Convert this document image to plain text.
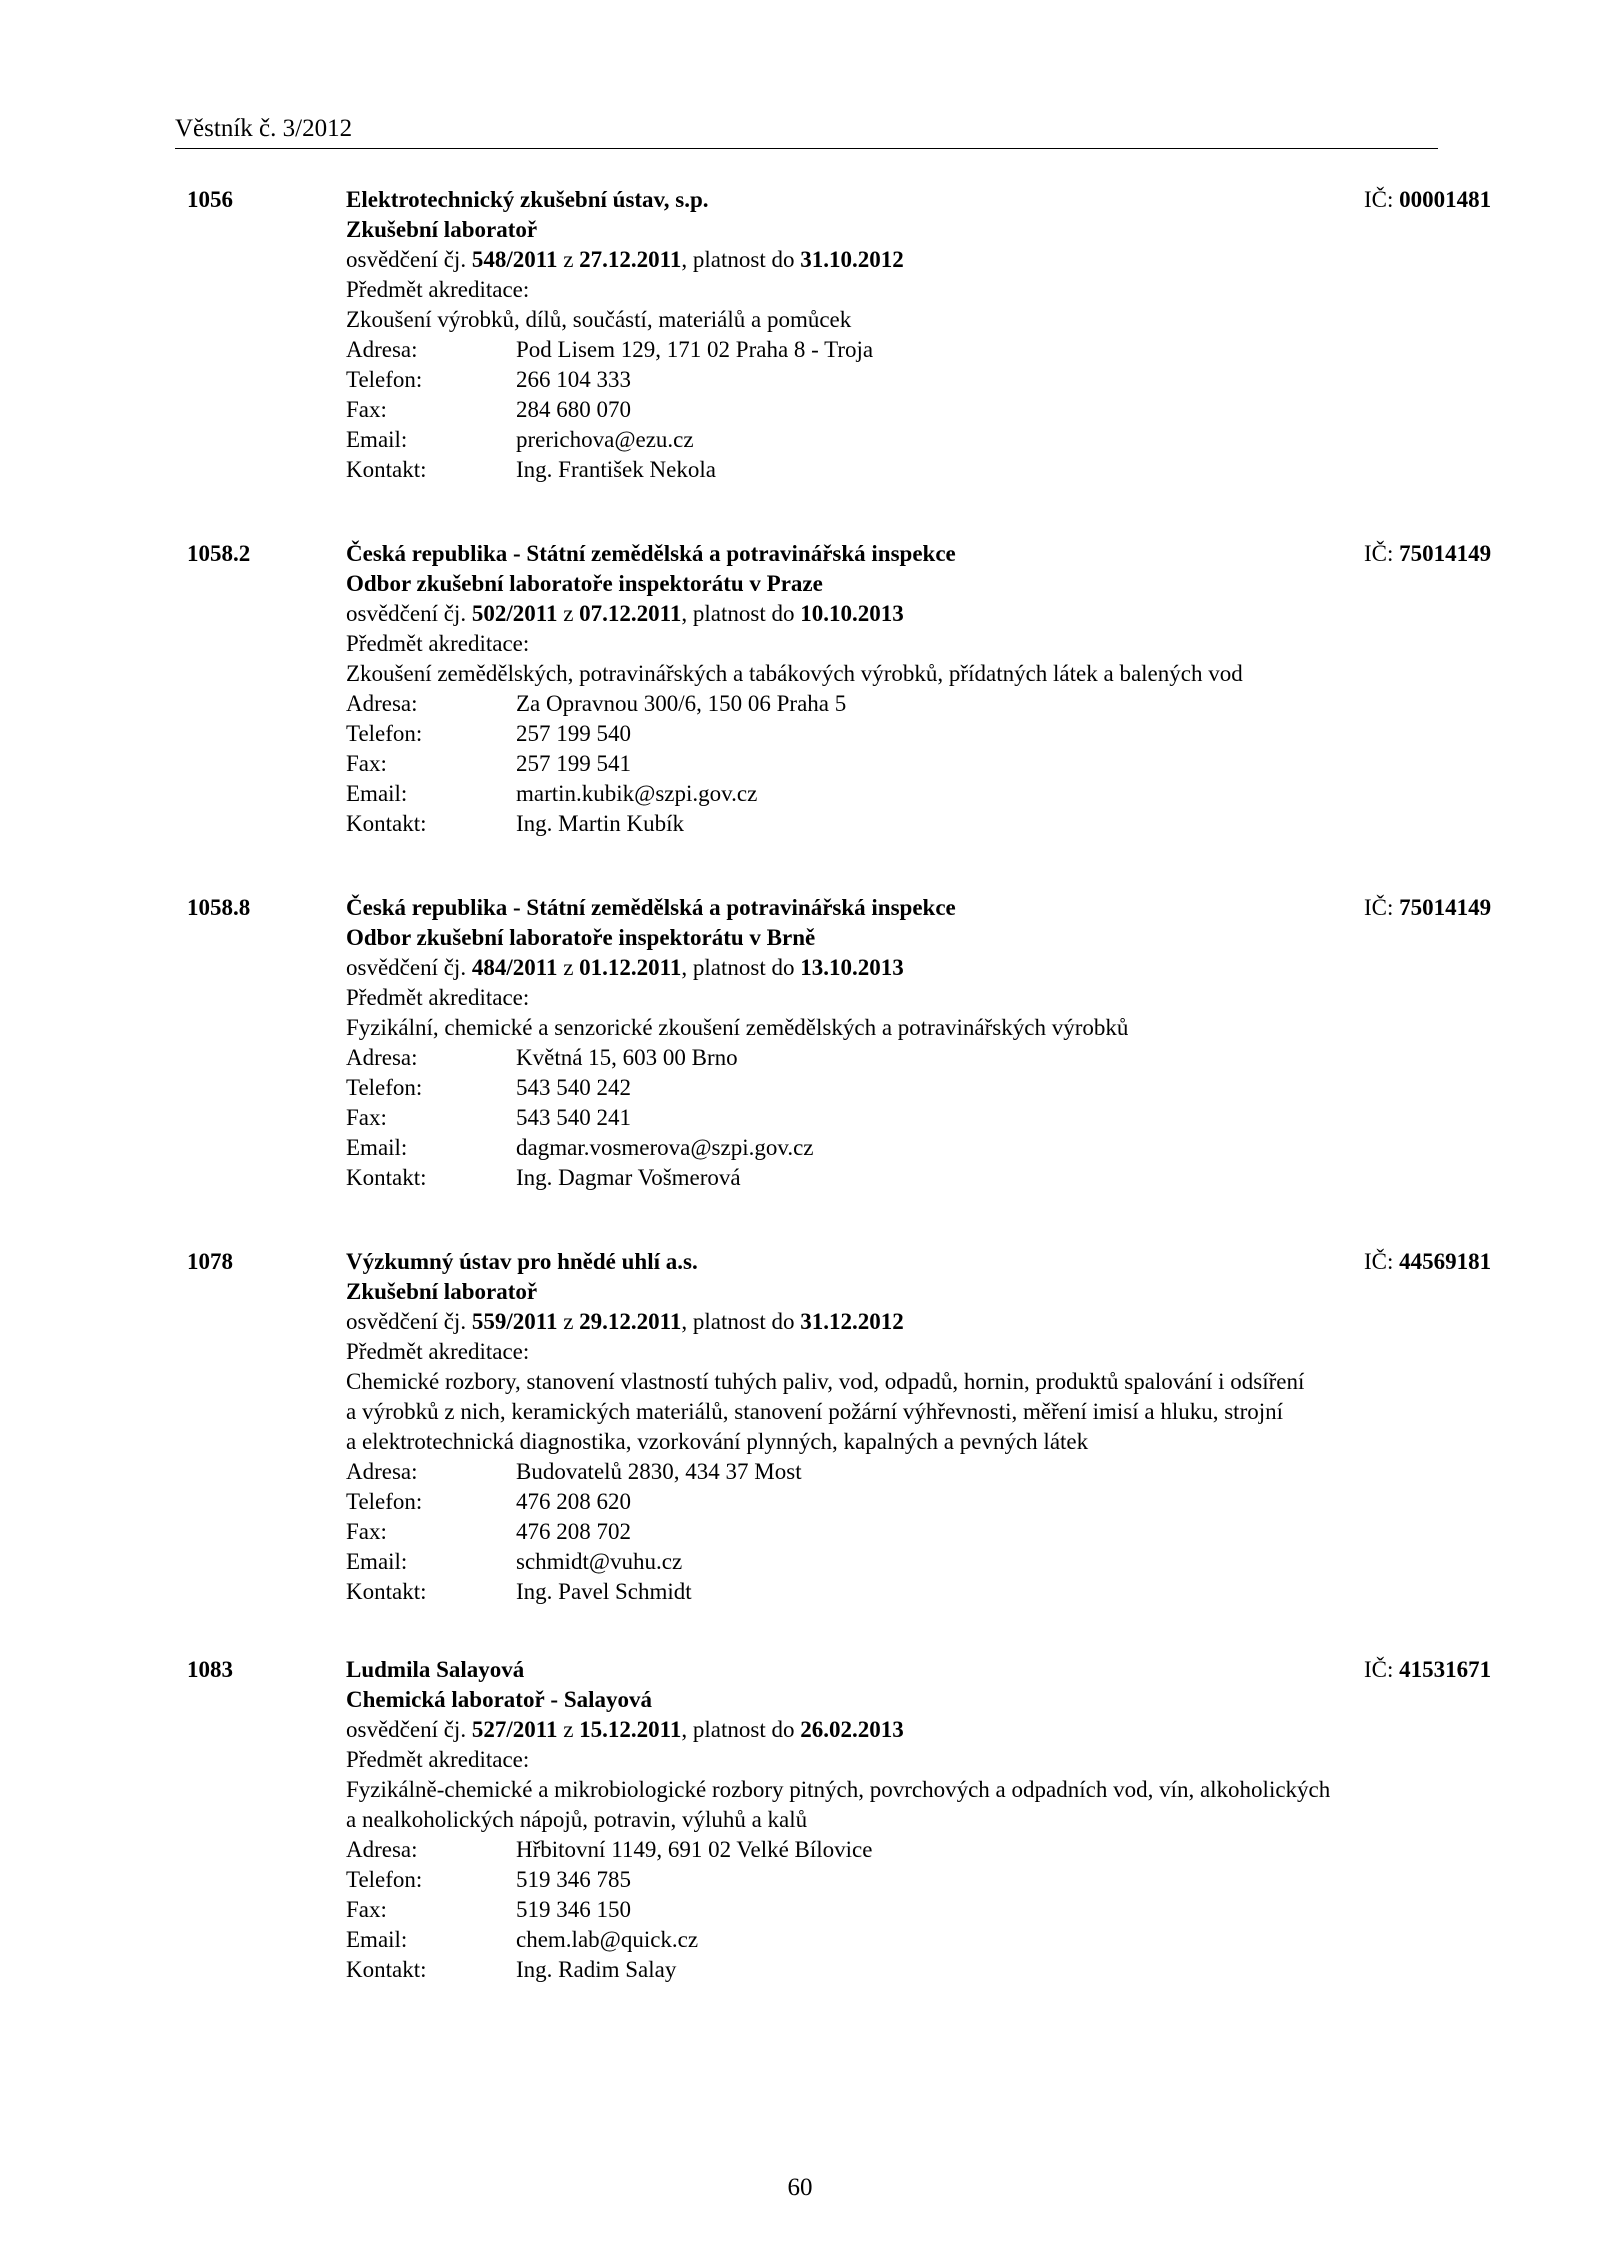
Věstník č. 3/2012
1056	Elektrotechnický zkušební ústav, s.p.	IČ: 00001481
Zkušební laboratoř
osvědčení čj. 548/2011 z 27.12.2011, platnost do 31.10.2012
Předmět akreditace:
Zkoušení výrobků, dílů, součástí, materiálů a pomůcek
Adresa:	Pod Lisem 129, 171 02 Praha 8 - Troja
Telefon:	266 104 333
Fax:	284 680 070
Email:	prerichova@ezu.cz
Kontakt:	Ing. František Nekola
1058.2	Česká republika - Státní zemědělská a potravinářská inspekce	IČ: 75014149
Odbor zkušební laboratoře inspektorátu v Praze
osvědčení čj. 502/2011 z 07.12.2011, platnost do 10.10.2013
Předmět akreditace:
Zkoušení zemědělských, potravinářských a tabákových výrobků, přídatných látek a balených vod
Adresa:	Za Opravnou 300/6, 150 06 Praha 5
Telefon:	257 199 540
Fax:	257 199 541
Email:	martin.kubik@szpi.gov.cz
Kontakt:	Ing. Martin Kubík
1058.8	Česká republika - Státní zemědělská a potravinářská inspekce	IČ: 75014149
Odbor zkušební laboratoře inspektorátu v Brně
osvědčení čj. 484/2011 z 01.12.2011, platnost do 13.10.2013
Předmět akreditace:
Fyzikální, chemické a senzorické zkoušení zemědělských a potravinářských výrobků
Adresa:	Květná 15, 603 00 Brno
Telefon:	543 540 242
Fax:	543 540 241
Email:	dagmar.vosmerova@szpi.gov.cz
Kontakt:	Ing. Dagmar Vošmerová
1078	Výzkumný ústav pro hnědé uhlí a.s.	IČ: 44569181
Zkušební laboratoř
osvědčení čj. 559/2011 z 29.12.2011, platnost do 31.12.2012
Předmět akreditace:
Chemické rozbory, stanovení vlastností tuhých paliv, vod, odpadů, hornin, produktů spalování i odsíření
a výrobků z nich, keramických materiálů, stanovení požární výhřevnosti, měření imisí a hluku, strojní
a elektrotechnická diagnostika, vzorkování plynných, kapalných a pevných látek
Adresa:	Budovatelů 2830, 434 37 Most
Telefon:	476 208 620
Fax:	476 208 702
Email:	schmidt@vuhu.cz
Kontakt:	Ing. Pavel Schmidt
1083	Ludmila Salayová	IČ: 41531671
Chemická laboratoř - Salayová
osvědčení čj. 527/2011 z 15.12.2011, platnost do 26.02.2013
Předmět akreditace:
Fyzikálně-chemické a mikrobiologické rozbory pitných, povrchových a odpadních vod, vín, alkoholických
a nealkoholických nápojů, potravin, výluhů a kalů
Adresa:	Hřbitovní 1149, 691 02 Velké Bílovice
Telefon:	519 346 785
Fax:	519 346 150
Email:	chem.lab@quick.cz
Kontakt:	Ing. Radim Salay
60
